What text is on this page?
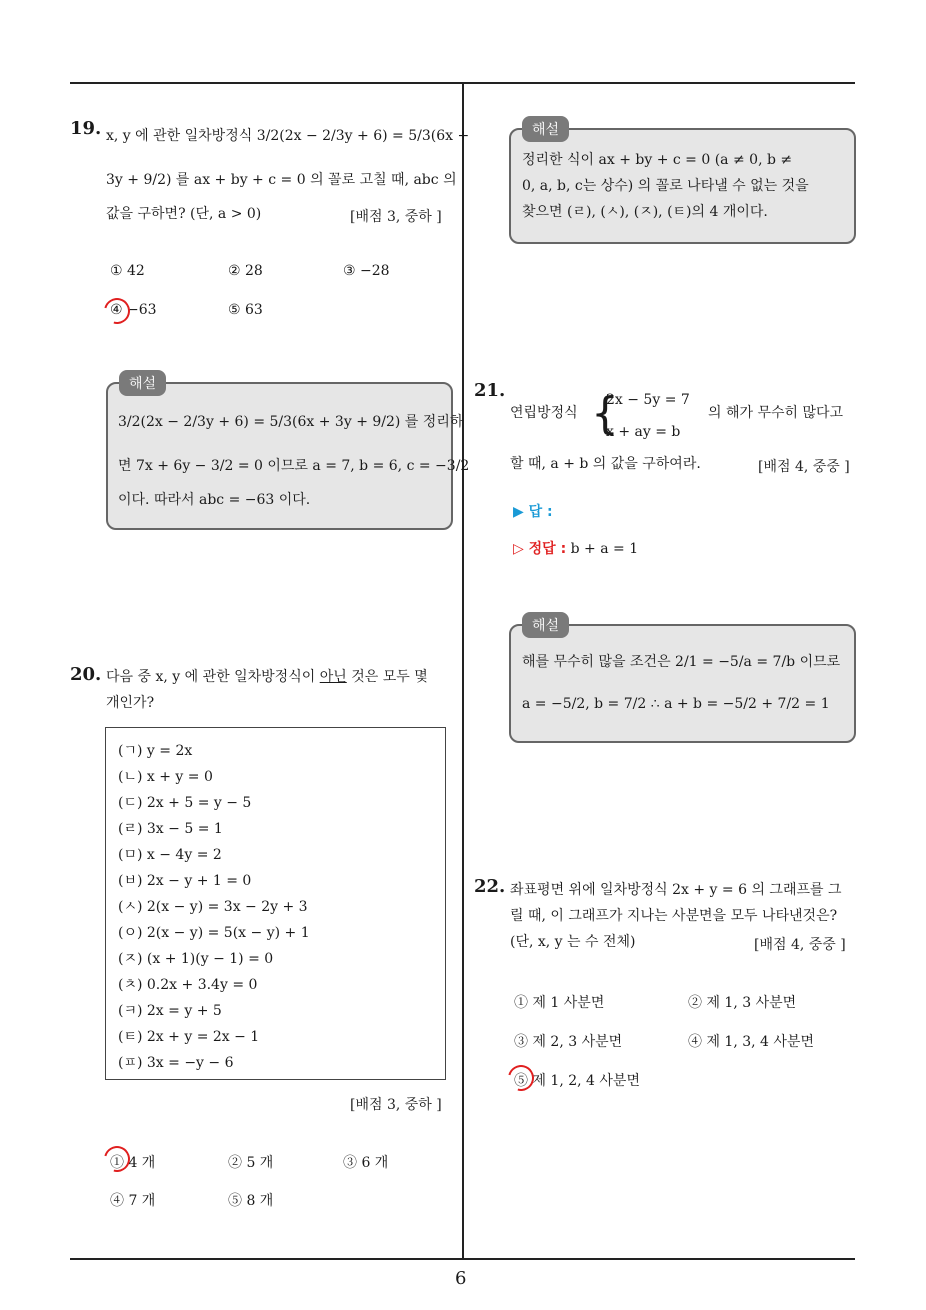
19. x, y 에 관한 일차방정식 3/2(2x − 2/3y + 6) = 5/3(6x +
3y + 9/2) 를 ax + by + c = 0 의 꼴로 고칠 때, abc 의
값을 구하면? (단, a > 0)	[배점 3, 중하 ]
① 42	② 28	③ −28
④ −63	⑤ 63
해설
3/2(2x − 2/3y + 6) = 5/3(6x + 3y + 9/2) 를 정리하
면 7x + 6y − 3/2 = 0 이므로 a = 7, b = 6, c = −3/2
이다. 따라서 abc = −63 이다.
20. 다음 중 x, y 에 관한 일차방정식이 아닌 것은 모두 몇
개인가?
(ㄱ) y = 2x
(ㄴ) x + y = 0
(ㄷ) 2x + 5 = y − 5
(ㄹ) 3x − 5 = 1
(ㅁ) x − 4y = 2
(ㅂ) 2x − y + 1 = 0
(ㅅ) 2(x − y) = 3x − 2y + 3
(ㅇ) 2(x − y) = 5(x − y) + 1
(ㅈ) (x + 1)(y − 1) = 0
(ㅊ) 0.2x + 3.4y = 0
(ㅋ) 2x = y + 5
(ㅌ) 2x + y = 2x − 1
(ㅍ) 3x = −y − 6
[배점 3, 중하 ]
① 4 개	② 5 개	③ 6 개
④ 7 개	⑤ 8 개
해설
정리한 식이 ax + by + c = 0 (a ≠ 0, b ≠
0, a, b, c는 상수) 의 꼴로 나타낼 수 없는 것을
찾으면 (ㄹ), (ㅅ), (ㅈ), (ㅌ)의 4 개이다.
21.
연립방정식 {
2x − 5y = 7
x + ay = b
의 해가 무수히 많다고
할 때, a + b 의 값을 구하여라.	[배점 4, 중중 ]
▶ 답 :
▷ 정답 : b + a = 1
해설
해를 무수히 많을 조건은 2/1 = −5/a = 7/b 이므로
a = −5/2, b = 7/2 ∴ a + b = −5/2 + 7/2 = 1
22. 좌표평면 위에 일차방정식 2x + y = 6 의 그래프를 그
릴 때, 이 그래프가 지나는 사분면을 모두 나타낸것은?
(단, x, y 는 수 전체)	[배점 4, 중중 ]
① 제 1 사분면	② 제 1, 3 사분면
③ 제 2, 3 사분면	④ 제 1, 3, 4 사분면
⑤ 제 1, 2, 4 사분면
6
